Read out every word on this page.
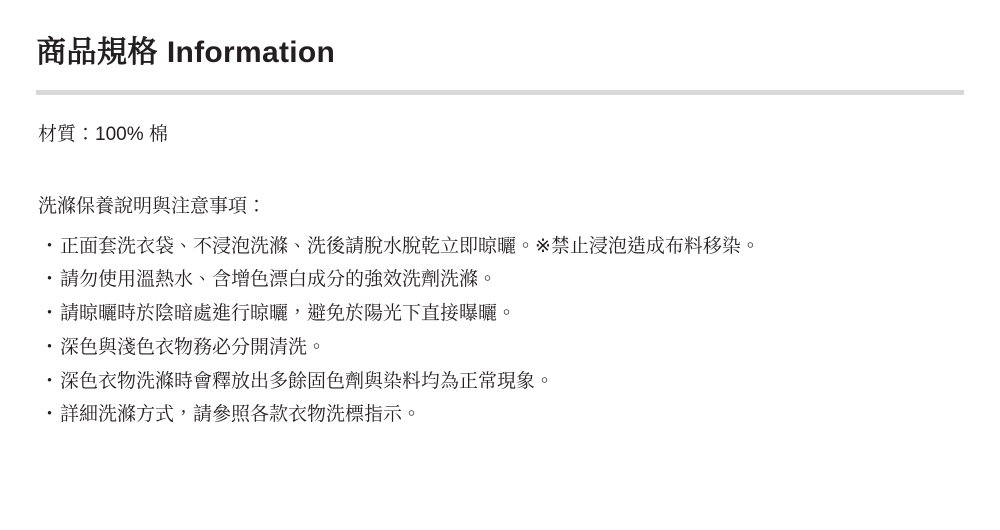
商品規格 Information

材質：100% 棉

洗滌保養說明與注意事項：

・ 正面套洗衣袋、不浸泡洗滌、洗後請脫水脫乾立即晾曬。※禁止浸泡造成布料移染。
・ 請勿使用溫熱水、含增色漂白成分的強效洗劑洗滌。
・ 請晾曬時於陰暗處進行晾曬，避免於陽光下直接曝曬。
・ 深色與淺色衣物務必分開清洗。
・ 深色衣物洗滌時會釋放出多餘固色劑與染料均為正常現象。
・ 詳細洗滌方式，請參照各款衣物洗標指示。
